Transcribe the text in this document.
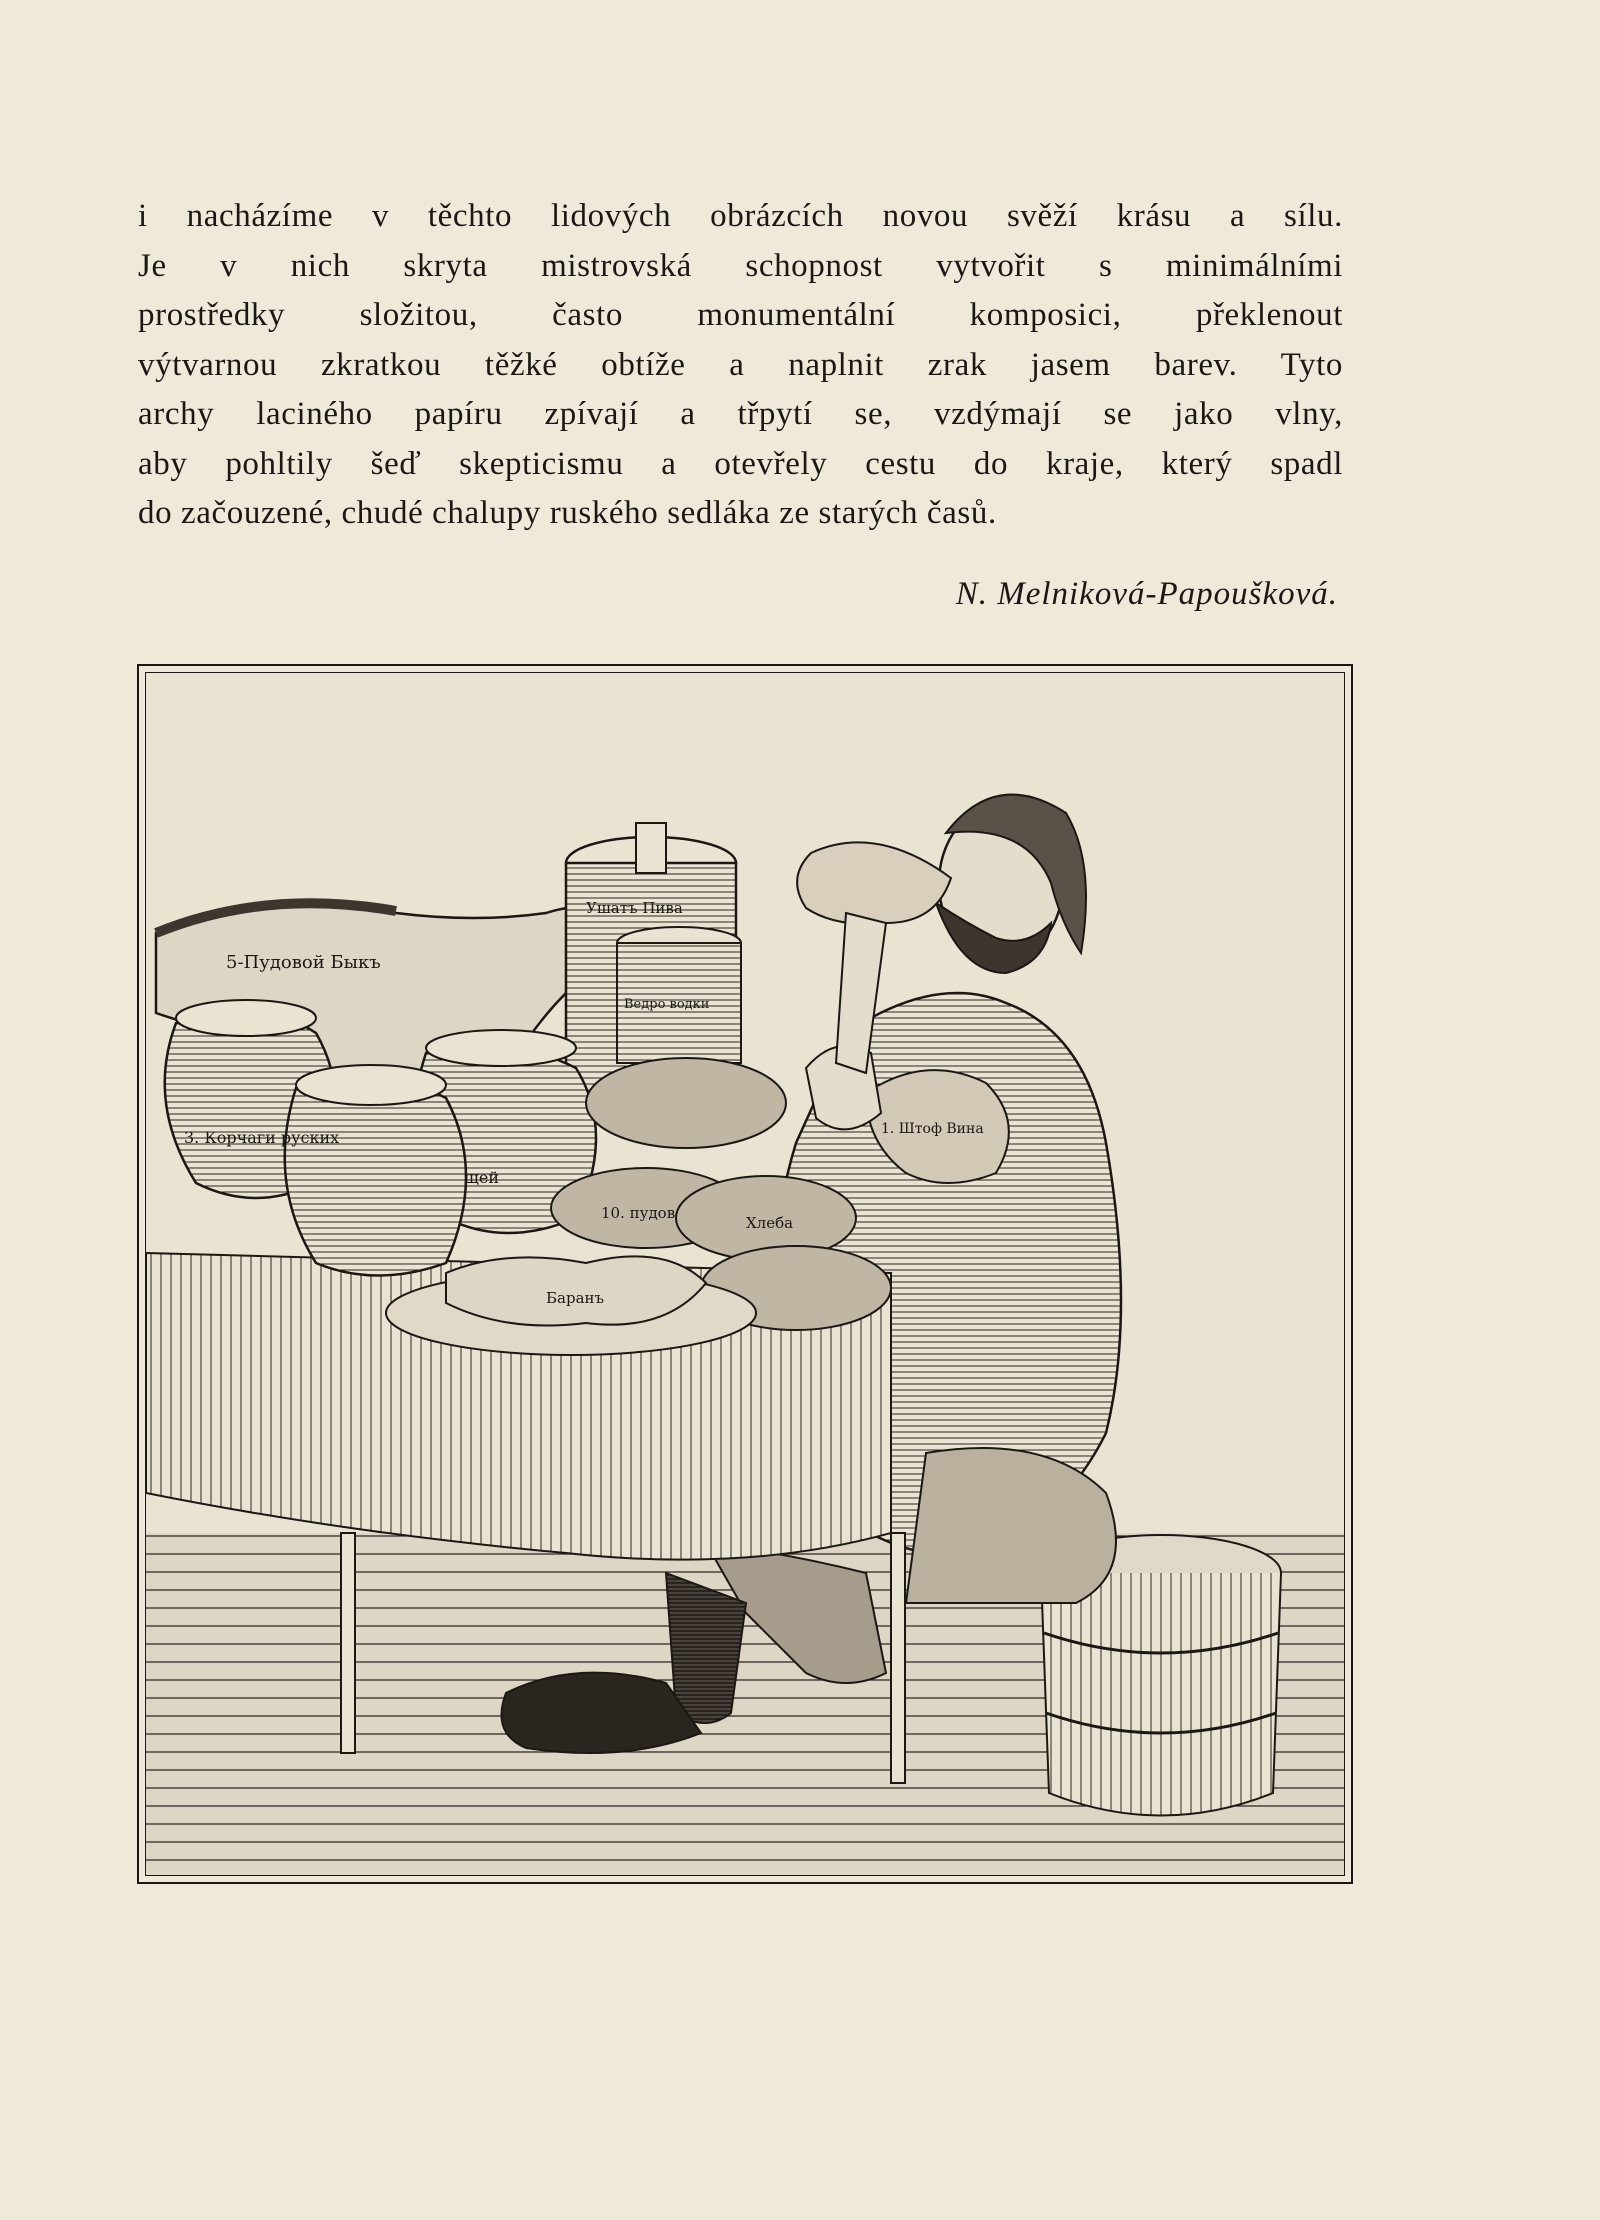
i nacházíme v těchto lidových obrázcích novou svěží krásu a sílu.
Je v nich skryta mistrovská schopnost vytvořit s minimálními
prostředky složitou, často monumentální komposici, překlenout
výtvarnou zkratkou těžké obtíže a naplnit zrak jasem barev. Tyto
archy laciného papíru zpívají a třpytí se, vzdýmají se jako vlny,
aby pohltily šeď skepticismu a otevřely cestu do kraje, který spadl
do začouzené, chudé chalupy ruského sedláka ze starých časů.
N. Melniková-Papoušková.
1. Штоф Вина
5-Пудовой Быкъ
Ушатъ Пива
Ведро водки
3. Корчаги руских
щей
10. пудов
Хлеба
Баранъ
